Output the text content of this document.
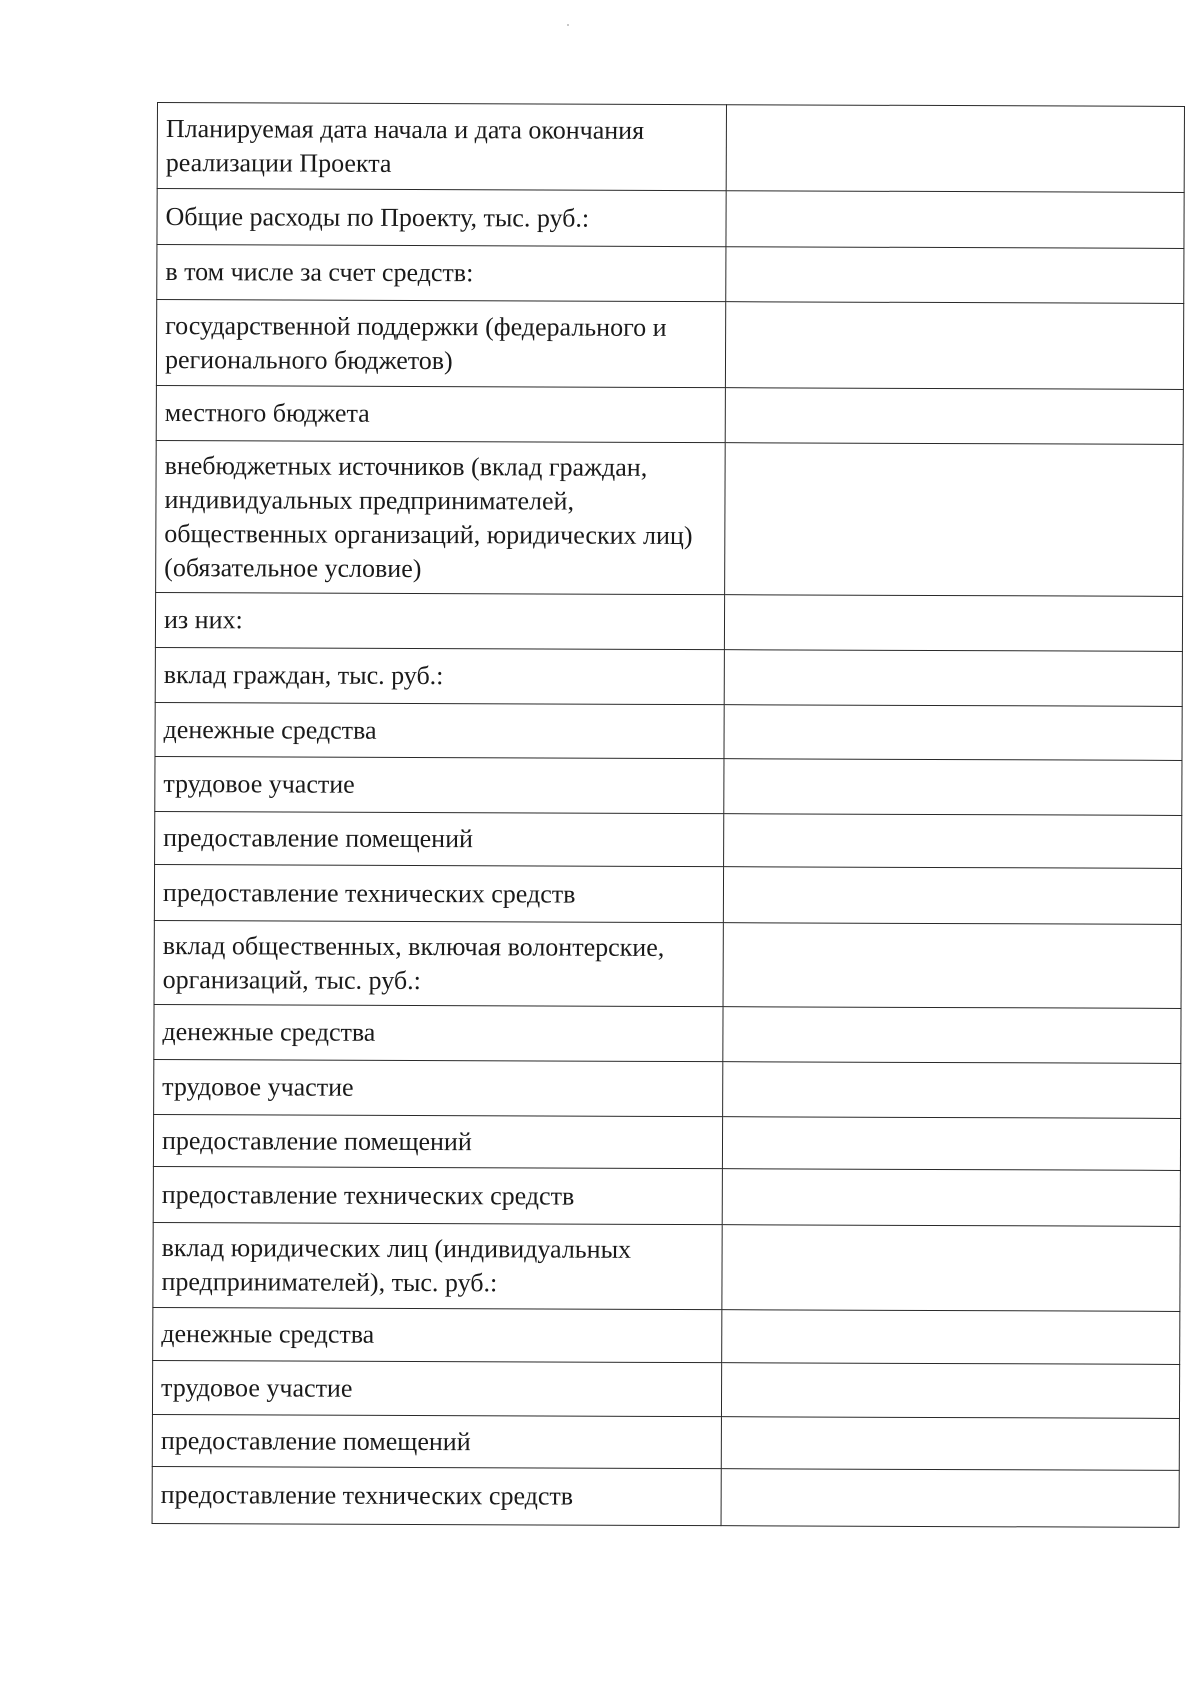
Планируемая дата начала и дата окончания реализации Проекта	
Общие расходы по Проекту, тыс. руб.:	
в том числе за счет средств:	
государственной поддержки (федерального и регионального бюджетов)	
местного бюджета	
внебюджетных источников (вклад граждан, индивидуальных предпринимателей, общественных организаций, юридических лиц) (обязательное условие)	
из них:	
вклад граждан, тыс. руб.:	
денежные средства	
трудовое участие	
предоставление помещений	
предоставление технических средств	
вклад общественных, включая волонтерские, организаций, тыс. руб.:	
денежные средства	
трудовое участие	
предоставление помещений	
предоставление технических средств	
вклад юридических лиц (индивидуальных предпринимателей), тыс. руб.:	
денежные средства	
трудовое участие	
предоставление помещений	
предоставление технических средств	
